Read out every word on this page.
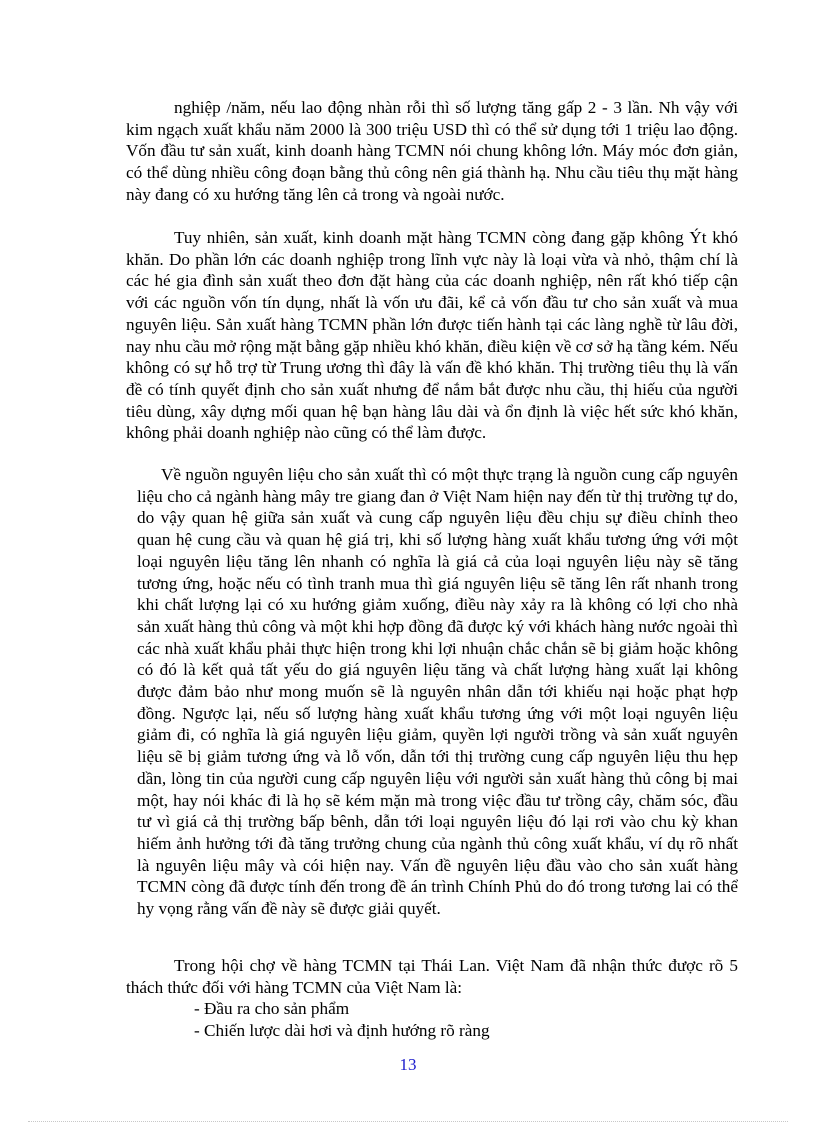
nghiệp /năm, nếu lao động nhàn rỗi thì số lượng tăng gấp 2 - 3 lần. Nh vậy với kim ngạch xuất khẩu năm 2000 là 300 triệu USD thì có thể sử dụng tới 1 triệu lao động. Vốn đầu tư sản xuất, kinh doanh hàng TCMN nói chung không lớn. Máy móc đơn giản, có thể dùng nhiều công đoạn bằng thủ công nên giá thành hạ. Nhu cầu tiêu thụ mặt hàng này đang có xu hướng tăng lên cả trong và ngoài nước.

Tuy nhiên, sản xuất, kinh doanh mặt hàng TCMN còng đang gặp không Ýt khó khăn. Do phần lớn các doanh nghiệp trong lĩnh vực này là loại vừa và nhỏ, thậm chí là các hé gia đình sản xuất theo đơn đặt hàng của các doanh nghiệp, nên rất khó tiếp cận với các nguồn vốn tín dụng, nhất là vốn ưu đãi, kể cả vốn đầu tư cho sản xuất và mua nguyên liệu. Sản xuất hàng TCMN phần lớn được tiến hành tại các làng nghề từ lâu đời, nay nhu cầu mở rộng mặt bằng gặp nhiều khó khăn, điều kiện về cơ sở hạ tầng kém. Nếu không có sự hỗ trợ từ Trung ương thì đây là vấn đề khó khăn. Thị trường tiêu thụ là vấn đề có tính quyết định cho sản xuất nhưng để nắm bắt được nhu cầu, thị hiếu của người tiêu dùng, xây dựng mối quan hệ bạn hàng lâu dài và ổn định là việc hết sức khó khăn, không phải doanh nghiệp nào cũng có thể làm được.

Về nguồn nguyên liệu cho sản xuất thì có một thực trạng là nguồn cung cấp nguyên liệu cho cả ngành hàng mây tre giang đan ở Việt Nam hiện nay đến từ thị trường tự do, do vậy quan hệ giữa sản xuất và cung cấp nguyên liệu đều chịu sự điều chỉnh theo quan hệ cung cầu và quan hệ giá trị, khi số lượng hàng xuất khẩu tương ứng với một loại nguyên liệu tăng lên nhanh có nghĩa là giá cả của loại nguyên liệu này sẽ tăng tương ứng, hoặc nếu có tình tranh mua thì giá nguyên liệu sẽ tăng lên rất nhanh trong khi chất lượng lại có xu hướng giảm xuống, điều này xảy ra là không có lợi cho nhà sản xuất hàng thủ công và một khi hợp đồng đã được ký với khách hàng nước ngoài thì các nhà xuất khẩu phải thực hiện trong khi lợi nhuận chắc chắn sẽ bị giảm hoặc không có đó là kết quả tất yếu do giá nguyên liệu tăng và chất lượng hàng xuất lại không được đảm bảo như mong muốn sẽ là nguyên nhân dẫn tới khiếu nại hoặc phạt hợp đồng. Ngược lại, nếu số lượng hàng xuất khẩu tương ứng với một loại nguyên liệu giảm đi, có nghĩa là giá nguyên liệu giảm, quyền lợi người trồng và sản xuất nguyên liệu sẽ bị giảm tương ứng và lỗ vốn, dẫn tới thị trường cung cấp nguyên liệu thu hẹp dần, lòng tin của người cung cấp nguyên liệu với người sản xuất hàng thủ công bị mai một, hay nói khác đi là họ sẽ kém mặn mà trong việc đầu tư trồng cây, chăm sóc, đầu tư vì giá cả thị trường bấp bênh, dẫn tới loại nguyên liệu đó lại rơi vào chu kỳ khan hiếm ảnh hưởng tới đà tăng trưởng chung của ngành thủ công xuất khẩu, ví dụ rõ nhất là nguyên liệu mây và cói hiện nay. Vấn đề nguyên liệu đầu vào cho sản xuất hàng TCMN còng đã được tính đến trong đề án trình Chính Phủ do đó trong tương lai có thể hy vọng rằng vấn đề này sẽ được giải quyết.

Trong hội chợ về hàng TCMN tại Thái Lan. Việt Nam đã nhận thức được rõ 5 thách thức đối với hàng TCMN của Việt Nam là:

- Đầu ra cho sản phẩm

- Chiến lược dài hơi và định hướng rõ ràng

13
